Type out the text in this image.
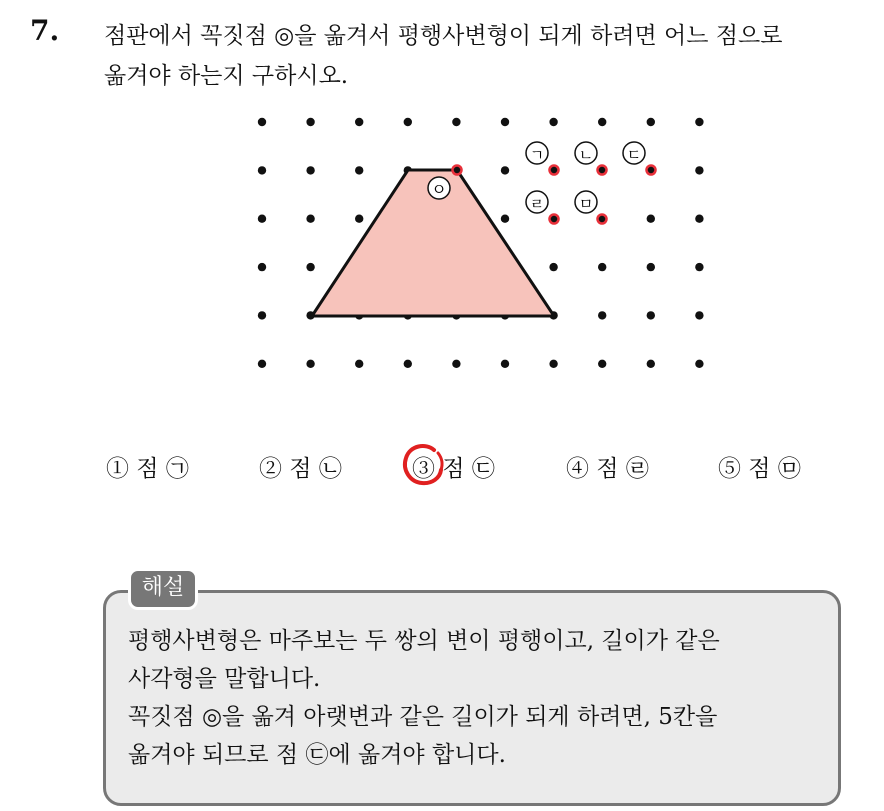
7. 점판에서 꼭짓점 ◎을 옮겨서 평행사변형이 되게 하려면 어느 점으로
옮겨야 하는지 구하시오.
ㅇ
ㄱ ㄴ ㄷ
ㄹ ㅁ
① 점 ㉠	② 점 ㉡	③ 점 ㉢	④ 점 ㉣	⑤ 점 ㉤
해설
평행사변형은 마주보는 두 쌍의 변이 평행이고, 길이가 같은
사각형을 말합니다.
꼭짓점 ◎을 옮겨 아랫변과 같은 길이가 되게 하려면, 5칸을
옮겨야 되므로 점 ㉢에 옮겨야 합니다.
